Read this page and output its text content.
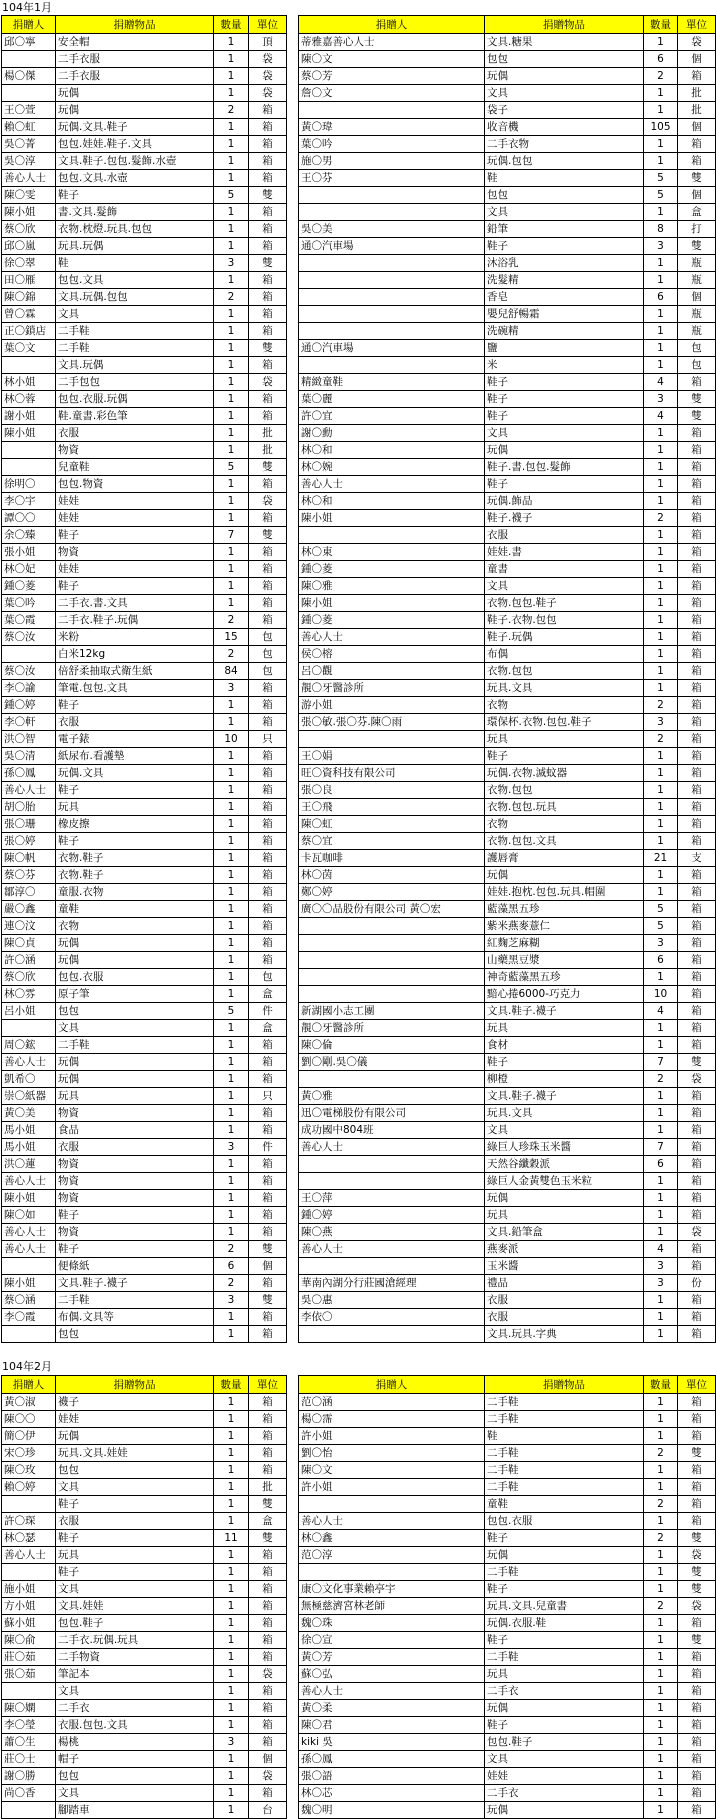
104年1月
捐贈人	捐贈物品	數量	單位
邱〇寧	安全帽	1	頂
	二手衣服	1	袋
楊〇傑	二手衣服	1	袋
	玩偶	1	袋
王〇萱	玩偶	2	箱
賴〇虹	玩偶.文具.鞋子	1	箱
吳〇菁	包包.娃娃.鞋子.文具	1	箱
吳〇淳	文具.鞋子.包包.髮飾.水壺	1	箱
善心人士	包包.文具.水壺	1	箱
陳〇雯	鞋子	5	雙
陳小姐	書.文具.髮飾	1	箱
蔡〇欣	衣物.枕燈.玩具.包包	1	箱
邱〇嵐	玩具.玩偶	1	箱
徐〇翠	鞋	3	雙
田〇雁	包包.文具	1	箱
陳〇錦	文具.玩偶.包包	2	箱
曾〇霖	文具	1	箱
正〇鎖店	二手鞋	1	箱
葉〇文	二手鞋	1	雙
	文具.玩偶	1	箱
林小姐	二手包包	1	袋
林〇蓉	包包.衣服.玩偶	1	箱
謝小姐	鞋.童書.彩色筆	1	箱
陳小姐	衣服	1	批
	物資	1	批
	兒童鞋	5	雙
徐明〇	包包.物資	1	箱
李〇宇	娃娃	1	袋
譚〇〇	娃娃	1	箱
余〇臻	鞋子	7	雙
張小姐	物資	1	箱
林〇妃	娃娃	1	箱
鍾〇菱	鞋子	1	箱
葉〇吟	二手衣.書.文具	1	箱
葉〇霞	二手衣.鞋子.玩偶	2	箱
蔡〇汝	米粉	15	包
	白米12kg	2	包
蔡〇汝	倍舒柔抽取式衛生紙	84	包
李〇諭	筆電.包包.文具	3	箱
鍾〇婷	鞋子	1	箱
李〇軒	衣服	1	箱
洪〇智	電子錶	10	只
吳〇清	紙尿布.看護墊	1	箱
孫〇鳳	玩偶.文具	1	箱
善心人士	鞋子	1	箱
胡〇胎	玩具	1	箱
張〇珊	橡皮擦	1	箱
張〇婷	鞋子	1	箱
陳〇帆	衣物.鞋子	1	箱
蔡〇芬	衣物.鞋子	1	箱
鄒淳〇	童服.衣物	1	箱
嚴〇鑫	童鞋	1	箱
連〇汶	衣物	1	箱
陳〇貞	玩偶	1	箱
許〇涵	玩偶	1	箱
蔡〇欣	包包.衣服	1	包
林〇雰	原子筆	1	盒
呂小姐	包包	5	件
	文具	1	盒
周〇鋐	二手鞋	1	箱
善心人士	玩偶	1	箱
凱希〇	玩偶	1	箱
崇〇紙器	玩具	1	只
黃〇美	物資	1	箱
馬小姐	食品	1	箱
馬小姐	衣服	3	件
洪〇蓮	物資	1	箱
善心人士	物資	1	箱
陳小姐	物資	1	箱
陳〇如	鞋子	1	箱
善心人士	物資	1	箱
善心人士	鞋子	2	雙
	便條紙	6	個
陳小姐	文具.鞋子.襪子	2	箱
蔡〇涵	二手鞋	3	雙
李〇霞	布偶.文具等	1	箱
	包包	1	箱
捐贈人	捐贈物品	數量	單位
蒂雅嘉善心人士	文具.糖果	1	袋
陳〇文	包包	6	個
蔡〇芳	玩偶	2	箱
詹〇文	文具	1	批
	袋子	1	批
黃〇瑋	收音機	105	個
葉〇吟	二手衣物	1	箱
施〇男	玩偶.包包	1	箱
王〇芬	鞋	5	雙
	包包	5	個
	文具	1	盒
吳〇美	鉛筆	8	打
通〇汽車場	鞋子	3	雙
	沐浴乳	1	瓶
	洗髮精	1	瓶
	香皂	6	個
	嬰兒舒暢霜	1	瓶
	洗碗精	1	瓶
通〇汽車場	鹽	1	包
	米	1	包
精緻童鞋	鞋子	4	箱
葉〇麗	鞋子	3	雙
許〇宜	鞋子	4	雙
謝〇勳	文具	1	箱
林〇和	玩偶	1	箱
林〇婉	鞋子.書.包包.髮飾	1	箱
善心人士	鞋子	1	箱
林〇和	玩偶.飾品	1	箱
陳小姐	鞋子.襪子	2	箱
	衣服	1	箱
林〇東	娃娃.書	1	箱
鍾〇菱	童書	1	箱
陳〇雅	文具	1	箱
陳小姐	衣物.包包.鞋子	1	箱
鍾〇菱	鞋子.衣物.包包	1	箱
善心人士	鞋子.玩偶	1	箱
侯〇榕	布偶	1	箱
呂〇觀	衣物.包包	1	箱
靚〇牙醫診所	玩具.文具	1	箱
游小姐	衣物	2	箱
張〇敏.張〇芬.陳〇雨	環保杯.衣物.包包.鞋子	3	箱
	玩具	2	箱
王〇娟	鞋子	1	箱
旺〇資科技有限公司	玩偶.衣物.滅蚊器	1	箱
張〇良	衣物.包包	1	箱
王〇飛	衣物.包包.玩具	1	箱
陳〇虹	衣物	1	箱
蔡〇宜	衣物.包包.文具	1	箱
卡瓦咖啡	護唇膏	21	支
林〇茵	玩偶	1	箱
鄭〇婷	娃娃.抱枕.包包.玩具.帽圍	1	箱
廣〇〇品股份有限公司 黃〇宏	藍藻黑五珍	5	箱
	紫米燕麥薏仁	5	箱
	紅麴芝麻糊	3	箱
	山藥黑豆漿	6	箱
	神奇藍藻黑五珍	1	箱
	黯心捲6000-巧克力	10	箱
新湖國小志工團	文具.鞋子.襪子	4	箱
靚〇牙醫診所	玩具	1	箱
陳〇倫	食材	1	箱
劉〇剛.吳〇儀	鞋子	7	雙
	柳橙	2	袋
黃〇雅	文具.鞋子.襪子	1	箱
迅〇電梯股份有限公司	玩具.文具	1	箱
成功國中804班	文具	1	箱
善心人士	綠巨人珍珠玉米醬	7	箱
	天然谷纖穀派	6	箱
	綠巨人金黃雙色玉米粒	1	箱
王〇萍	玩偶	1	箱
鍾〇婷	玩具	1	箱
陳〇燕	文具.鉛筆盒	1	袋
善心人士	燕麥派	4	箱
	玉米醬	3	箱
華南內湖分行莊國滄經理	禮品	3	份
吳〇惠	衣服	1	箱
李依〇	衣服	1	箱
	文具.玩具.字典	1	箱
104年2月
捐贈人	捐贈物品	數量	單位
黃〇淑	襪子	1	箱
陳〇〇	娃娃	1	箱
簡〇伊	玩偶	1	箱
宋〇珍	玩具.文具.娃娃	1	箱
陳〇玫	包包	1	箱
賴〇婷	文具	1	批
	鞋子	1	雙
許〇琛	衣服	1	盒
林〇瑟	鞋子	11	雙
善心人士	玩具	1	箱
	鞋子	1	箱
施小姐	文具	1	箱
方小姐	文具.娃娃	1	箱
蘇小姐	包包.鞋子	1	箱
陳〇俞	二手衣.玩偶.玩具	1	箱
莊〇茹	二手物資	1	箱
張〇茹	筆記本	1	袋
	文具	1	箱
陳〇嫻	二手衣	1	箱
李〇瑩	衣服.包包.文具	1	箱
蕭〇生	楊桃	3	箱
莊〇士	帽子	1	個
謝〇勝	包包	1	袋
尚〇香	文具	1	箱
	腳踏車	1	台
捐贈人	捐贈物品	數量	單位
范〇涵	二手鞋	1	箱
楊〇霈	二手鞋	1	箱
許小姐	鞋	1	箱
劉〇怡	二手鞋	2	雙
陳〇文	二手鞋	1	箱
許小姐	二手鞋	1	箱
	童鞋	2	箱
善心人士	包包.衣服	1	箱
林〇鑫	鞋子	2	雙
范〇淳	玩偶	1	袋
	二手鞋	1	雙
康〇文化事業賴亭宇	鞋子	1	雙
無極慈濟宮林老師	玩具.文具.兒童書	2	袋
魏〇珠	玩偶.衣服.鞋	1	箱
徐〇宣	鞋子	1	雙
黃〇芳	二手鞋	1	箱
蘇〇弘	玩具	1	箱
善心人士	二手衣	1	箱
黃〇柔	玩偶	1	箱
陳〇君	鞋子	1	箱
kiki 吳	包包.鞋子	1	箱
孫〇鳳	文具	1	箱
張〇語	娃娃	1	箱
林〇芯	二手衣	1	箱
魏〇明	玩偶	1	箱
